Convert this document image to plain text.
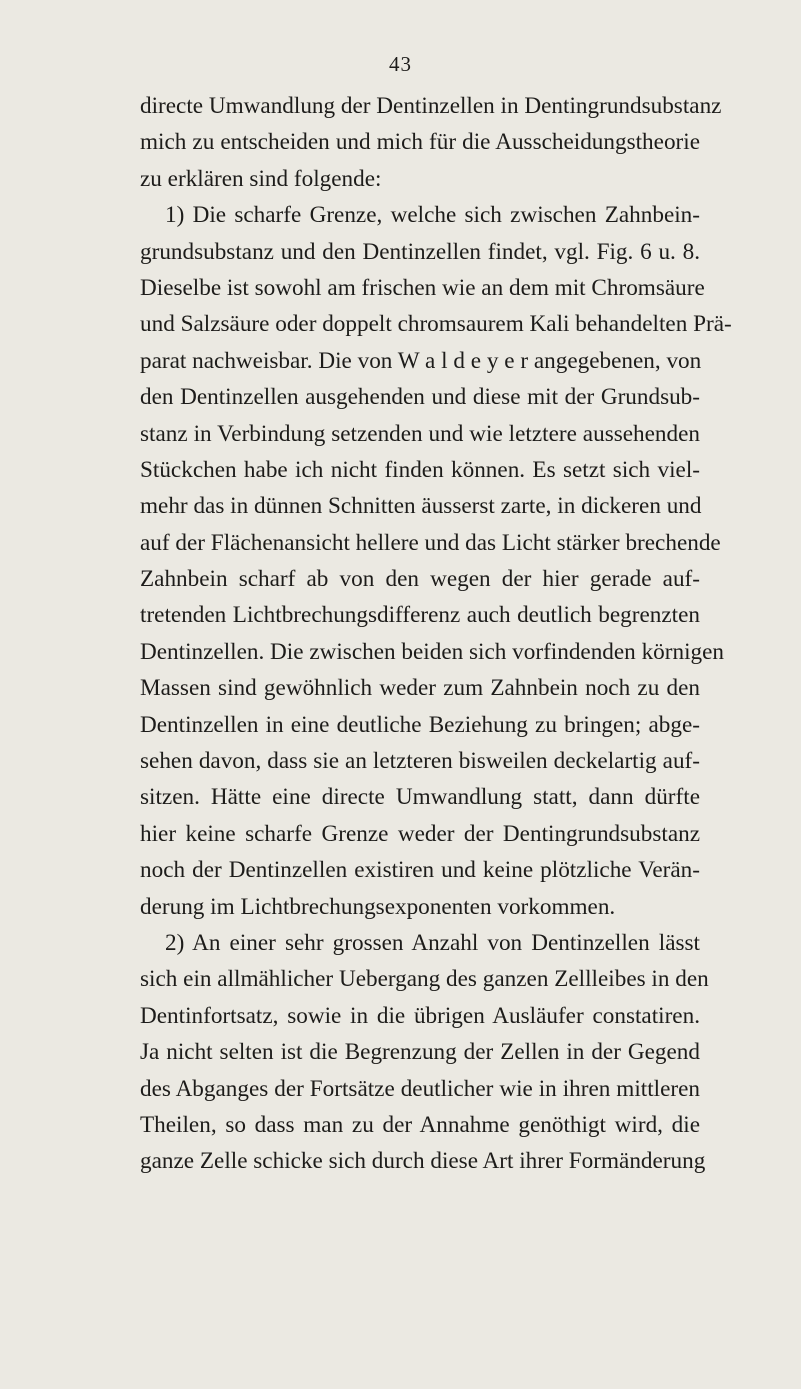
43
directe Umwandlung der Dentinzellen in Dentingrundsubstanz
mich zu entscheiden und mich für die Ausscheidungstheorie
zu erklären sind folgende:
1) Die scharfe Grenze, welche sich zwischen Zahnbein-
grundsubstanz und den Dentinzellen findet, vgl. Fig. 6 u. 8.
Dieselbe ist sowohl am frischen wie an dem mit Chromsäure
und Salzsäure oder doppelt chromsaurem Kali behandelten Prä-
parat nachweisbar. Die von W a l d e y e r angegebenen, von
den Dentinzellen ausgehenden und diese mit der Grundsub-
stanz in Verbindung setzenden und wie letztere aussehenden
Stückchen habe ich nicht finden können. Es setzt sich viel-
mehr das in dünnen Schnitten äusserst zarte, in dickeren und
auf der Flächenansicht hellere und das Licht stärker brechende
Zahnbein scharf ab von den wegen der hier gerade auf-
tretenden Lichtbrechungsdifferenz auch deutlich begrenzten
Dentinzellen. Die zwischen beiden sich vorfindenden körnigen
Massen sind gewöhnlich weder zum Zahnbein noch zu den
Dentinzellen in eine deutliche Beziehung zu bringen; abge-
sehen davon, dass sie an letzteren bisweilen deckelartig auf-
sitzen. Hätte eine directe Umwandlung statt, dann dürfte
hier keine scharfe Grenze weder der Dentingrundsubstanz
noch der Dentinzellen existiren und keine plötzliche Verän-
derung im Lichtbrechungsexponenten vorkommen.
2) An einer sehr grossen Anzahl von Dentinzellen lässt
sich ein allmählicher Uebergang des ganzen Zellleibes in den
Dentinfortsatz, sowie in die übrigen Ausläufer constatiren.
Ja nicht selten ist die Begrenzung der Zellen in der Gegend
des Abganges der Fortsätze deutlicher wie in ihren mittleren
Theilen, so dass man zu der Annahme genöthigt wird, die
ganze Zelle schicke sich durch diese Art ihrer Formänderung
